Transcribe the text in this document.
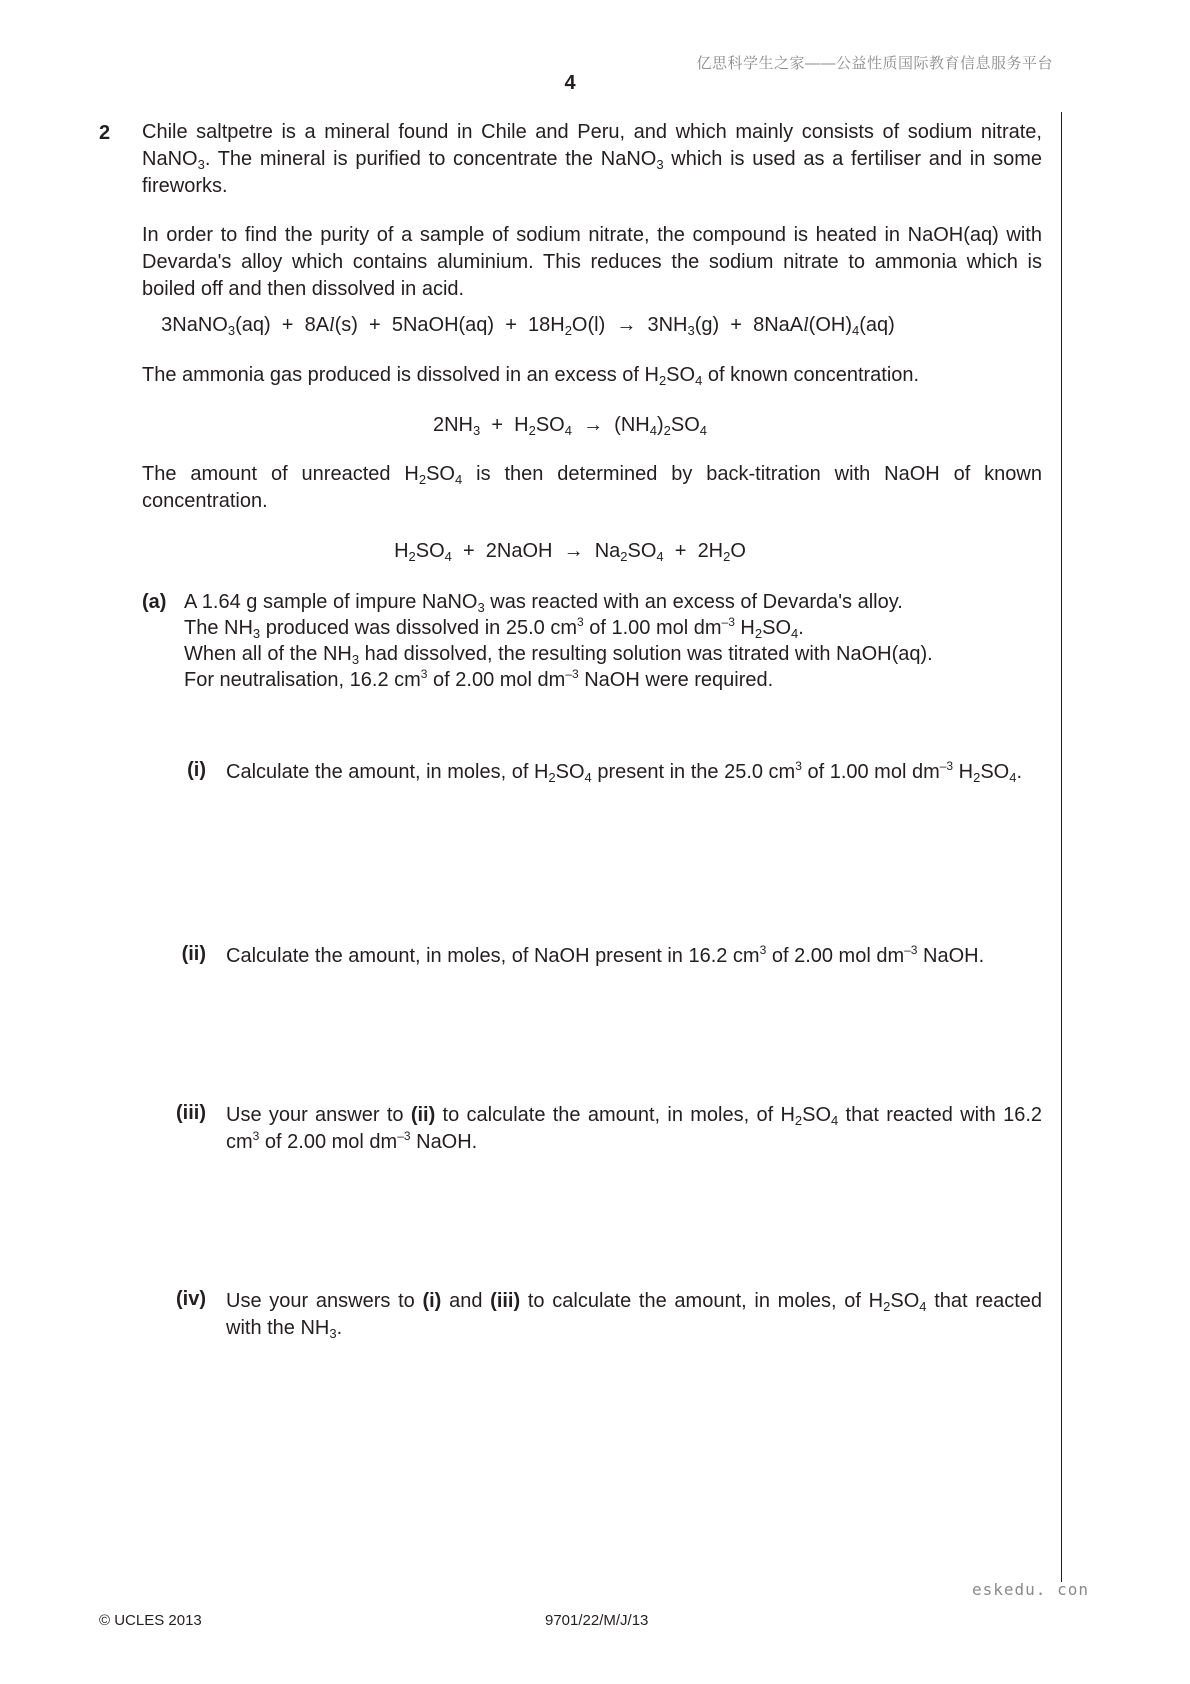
亿思科学生之家——公益性质国际教育信息服务平台
4
2 Chile saltpetre is a mineral found in Chile and Peru, and which mainly consists of sodium nitrate, NaNO$_3$. The mineral is purified to concentrate the NaNO$_3$ which is used as a fertiliser and in some fireworks.
In order to find the purity of a sample of sodium nitrate, the compound is heated in NaOH(aq) with Devarda's alloy which contains aluminium. This reduces the sodium nitrate to ammonia which is boiled off and then dissolved in acid.
3NaNO$_3$(aq)  +  8Al(s)  +  5NaOH(aq)  +  $18H_2O(l) \to 3NH_3(g)$  +  $8NaAl(OH)_4(aq)$
The ammonia gas produced is dissolved in an excess of $H_2SO_4$ of known concentration.
$2NH_3 + H_2SO_4 \to (NH_4)_2SO_4$
The amount of unreacted $H_2SO_4$ is then determined by back-titration with NaOH of known concentration.
$H_2SO_4$  +  2NaOH  →  $Na_2SO_4 + 2H_2O$
(a) A 1.64 g sample of impure NaNO$_3$ was reacted with an excess of Devarda's alloy.
The $NH_3$ produced was dissolved in 25.0 $cm^3$ of 1.00 mol $dm^{-3}$ $H_2SO_4$.
When all of the $NH_3$ had dissolved, the resulting solution was titrated with NaOH(aq).
For neutralisation, 16.2 $cm^3$ of 2.00 mol $dm^{-3}$ NaOH were required.
(i) Calculate the amount, in moles, of $H_2SO_4$ present in the 25.0 $cm^3$ of 1.00 mol $dm^{-3}$ $H_2SO_4$.
(ii) Calculate the amount, in moles, of NaOH present in 16.2 $cm^3$ of 2.00 mol $dm^{-3}$ NaOH.
(iii) Use your answer to (ii) to calculate the amount, in moles, of $H_2SO_4$ that reacted with 16.2 $cm^3$ of 2.00 mol $dm^{-3}$ NaOH.
(iv) Use your answers to (i) and (iii) to calculate the amount, in moles, of $H_2SO_4$ that reacted with the $NH_3$.
eskedu. con
© UCLES 2013	9701/22/M/J/13
